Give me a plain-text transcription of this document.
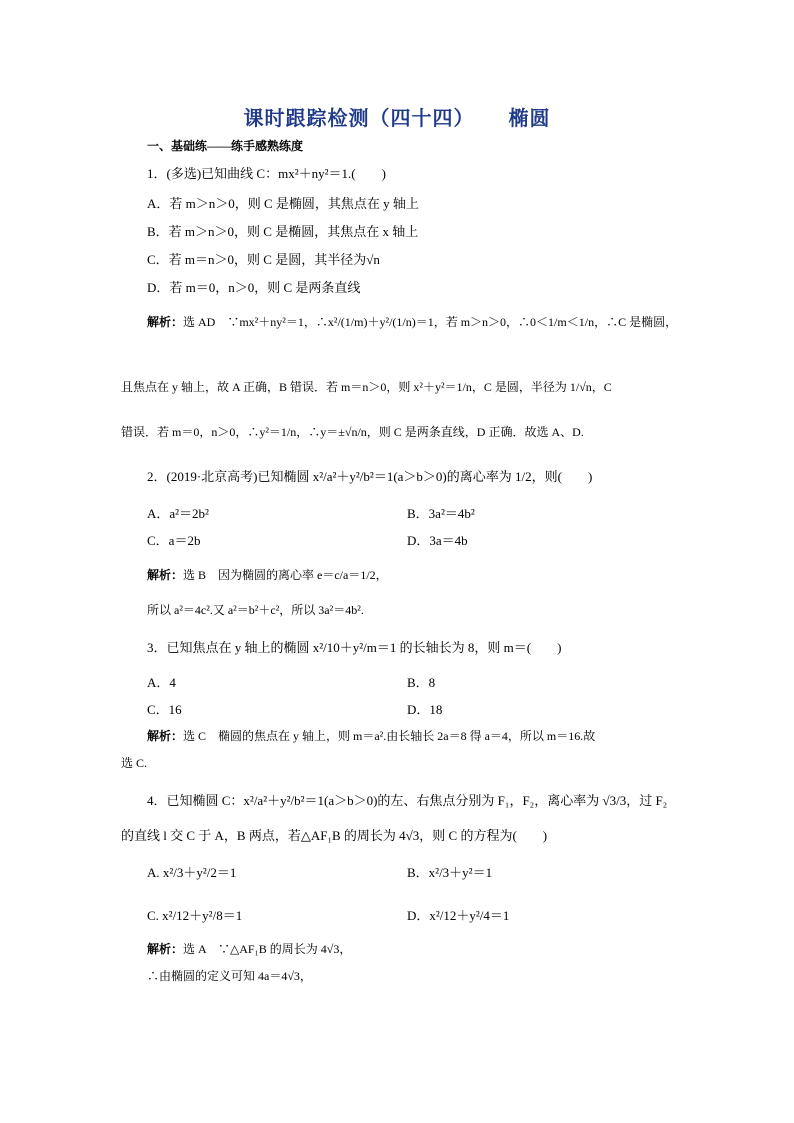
课时跟踪检测（四十四） 椭圆
一、基础练——练手感熟练度
1．(多选)已知曲线 C：mx²＋ny²＝1.(　　)
A．若 m＞n＞0，则 C 是椭圆，其焦点在 y 轴上
B．若 m＞n＞0，则 C 是椭圆，其焦点在 x 轴上
C．若 m＝n＞0，则 C 是圆，其半径为√n
D．若 m＝0，n＞0，则 C 是两条直线
解析：选 AD　∵mx²＋ny²＝1，∴x²/(1/m)＋y²/(1/n)＝1，若 m＞n＞0，∴0＜1/m＜1/n，∴C 是椭圆，
且焦点在 y 轴上，故 A 正确，B 错误．若 m＝n＞0，则 x²＋y²＝1/n，C 是圆，半径为 1/√n，C
错误．若 m＝0，n＞0，∴y²＝1/n，∴y＝±√n/n，则 C 是两条直线，D 正确．故选 A、D.
2．(2019·北京高考)已知椭圆 x²/a²＋y²/b²＝1(a＞b＞0)的离心率为 1/2，则(　　)
A．a²＝2b²	B．3a²＝4b²
C．a＝2b	D．3a＝4b
解析：选 B　因为椭圆的离心率 e＝c/a＝1/2，
所以 a²＝4c².又 a²＝b²＋c²，所以 3a²＝4b².
3．已知焦点在 y 轴上的椭圆 x²/10＋y²/m＝1 的长轴长为 8，则 m＝(　　)
A．4	B．8
C．16	D．18
解析：选 C　椭圆的焦点在 y 轴上，则 m＝a².由长轴长 2a＝8 得 a＝4，所以 m＝16.故
选 C.
4．已知椭圆 C：x²/a²＋y²/b²＝1(a＞b＞0)的左、右焦点分别为 F₁，F₂，离心率为 √3/3，过 F₂
的直线 l 交 C 于 A，B 两点，若△AF₁B 的周长为 4√3，则 C 的方程为(　　)
A. x²/3＋y²/2＝1	B．x²/3＋y²＝1
C. x²/12＋y²/8＝1	D．x²/12＋y²/4＝1
解析：选 A　∵△AF₁B 的周长为 4√3，
∴由椭圆的定义可知 4a＝4√3，
